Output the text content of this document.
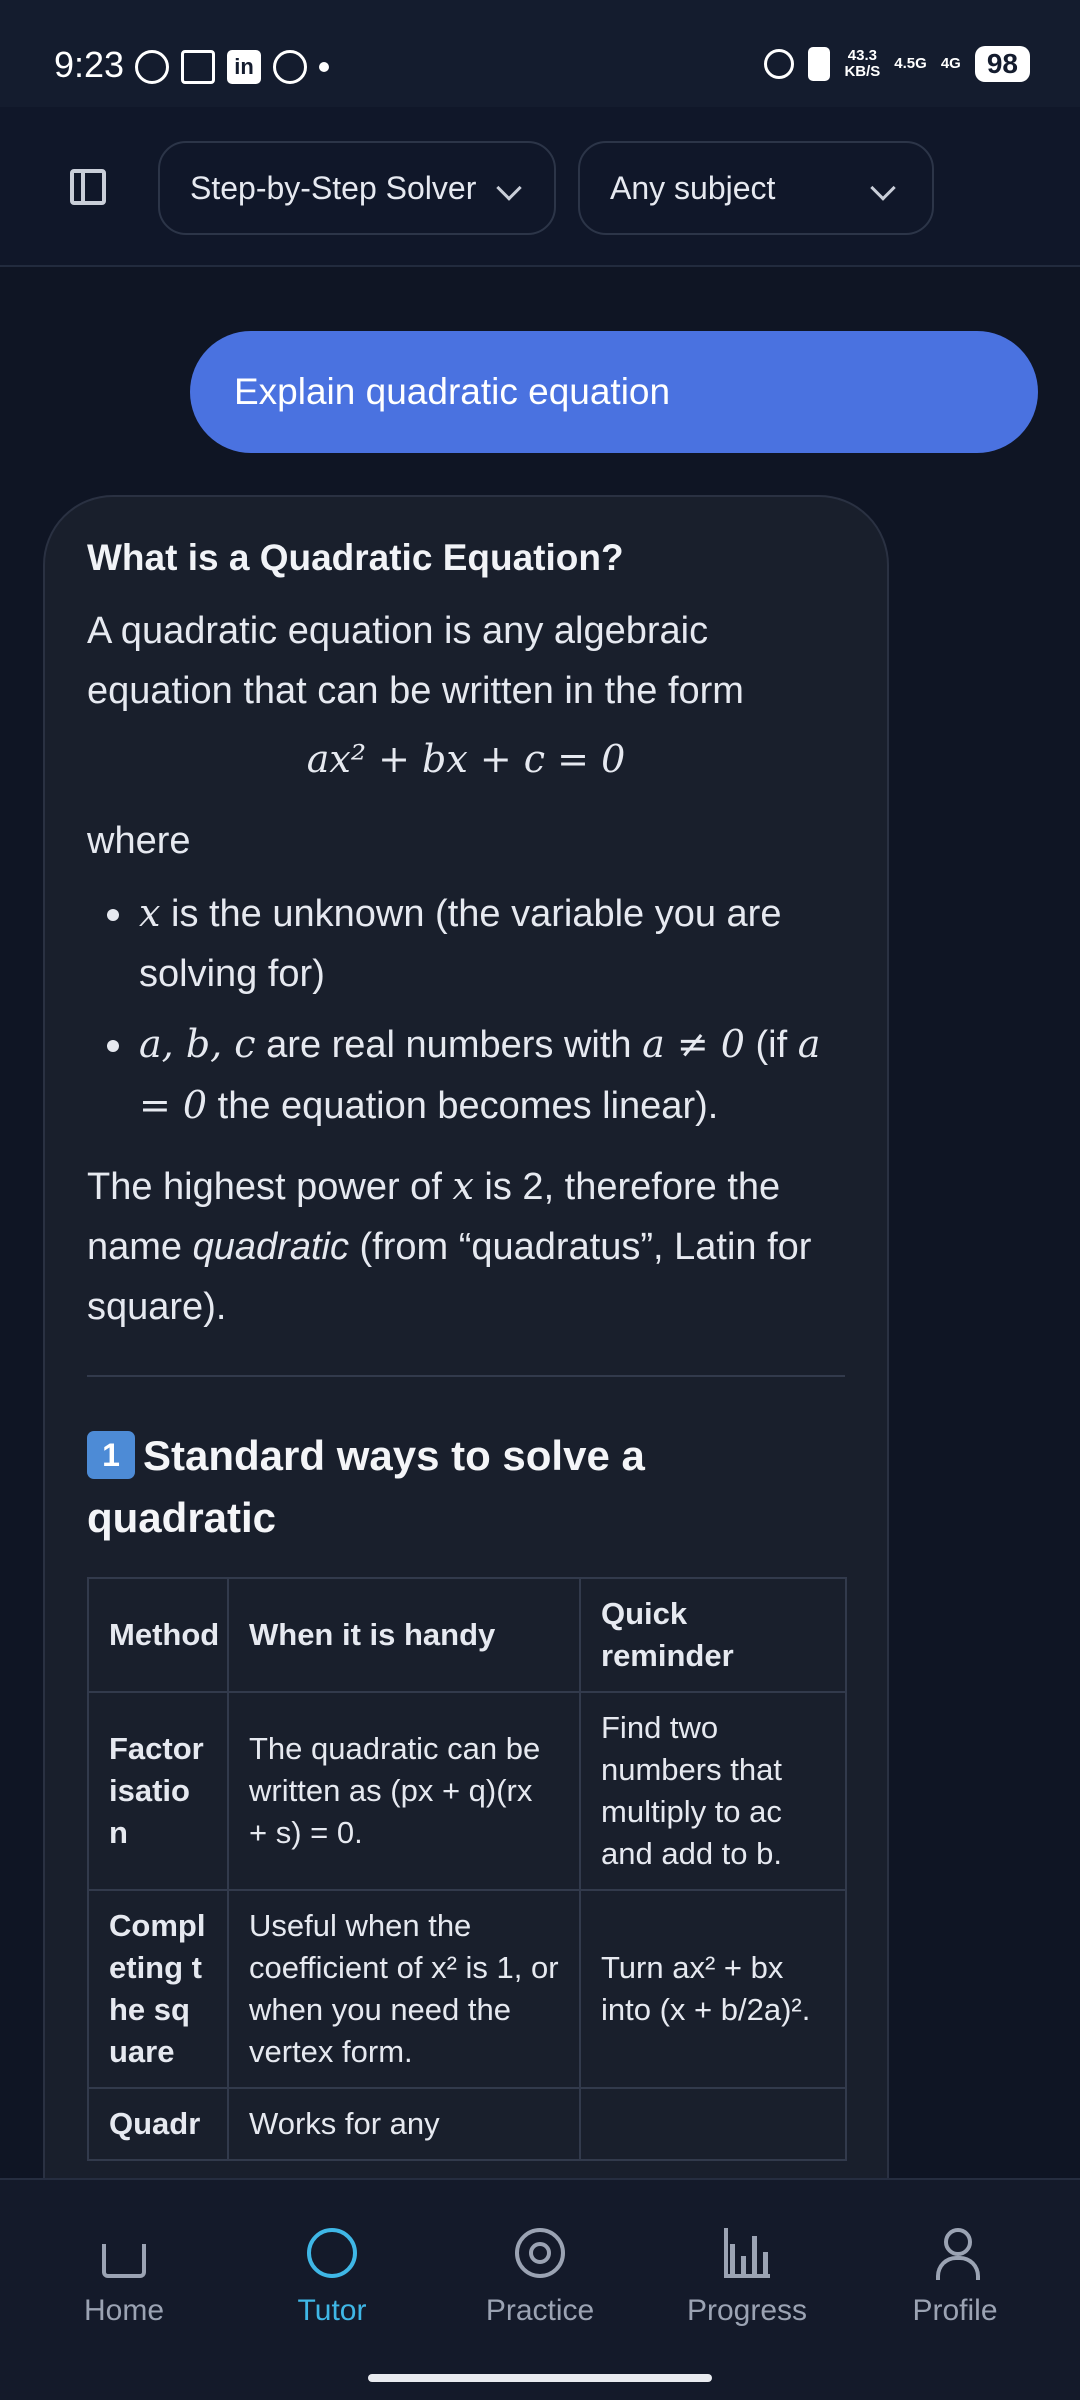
9:23	in	43.3
KB/S 4.5G 4G 98
Step-by-Step Solver	Any subject
Explain quadratic equation
What is a Quadratic Equation?

A quadratic equation is any algebraic equation that can be written in the form

ax² + bx + c = 0

where

x is the unknown (the variable you are solving for)
a, b, c are real numbers with a ≠ 0 (if a = 0 the equation becomes linear).

The highest power of x is 2, therefore the name quadratic (from “quadratus”, Latin for square).

1 Standard ways to solve a quadratic
Method	When it is handy	Quick reminder
Factorisation	The quadratic can be written as (px + q)(rx + s) = 0.	Find two numbers that multiply to ac and add to b.
Completing the square	Useful when the coefficient of x² is 1, or when you need the vertex form.	Turn ax² + bx into (x + b/2a)².
Quadr	Works for any	
Home	Tutor	Practice	Progress	Profile
